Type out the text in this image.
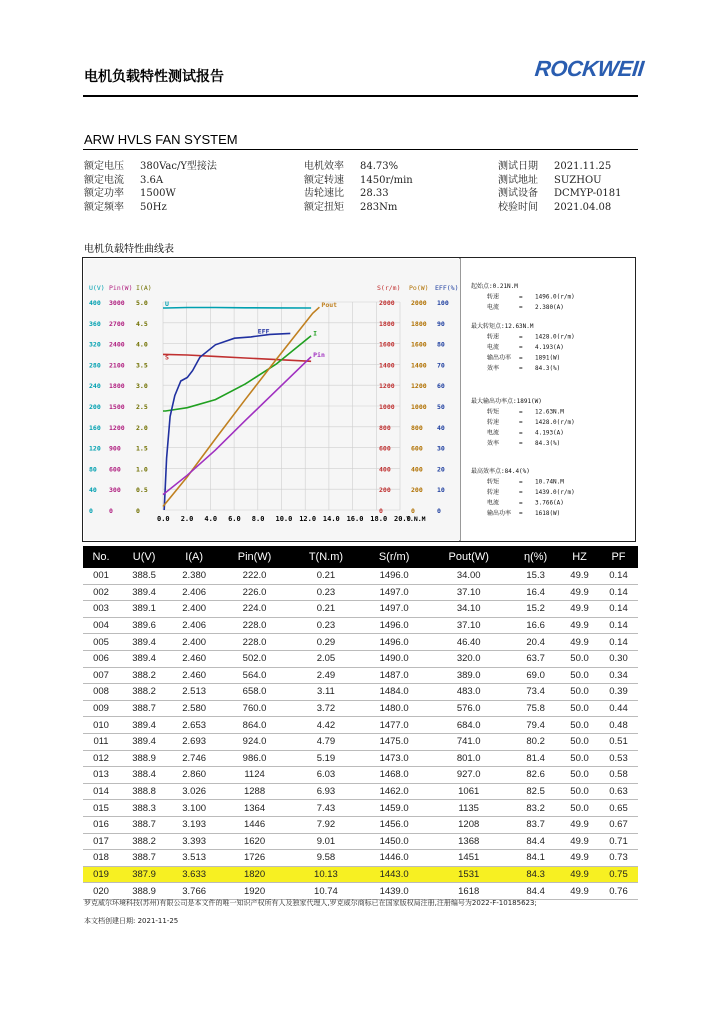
电机负载特性测试报告	ROCKWEII
ARW HVLS FAN SYSTEM
额定电压	380Vac/Y型接法
额定电流	3.6A
额定功率	1500W
额定频率	50Hz
电机效率	84.73%
额定转速	1450r/min
齿轮速比	28.33
额定扭矩	283Nm
测试日期	2021.11.25
测试地址	SUZHOU
测试设备	DCMYP-0181
校验时间	2021.04.08
电机负载特性曲线表
U(V) Pin(W) I(A)
400
360
320
280
240
200
160
120
80
40
0
3000
2700
2400
2100
1800
1500
1200
900
600
300
0
5.0
4.5
4.0
3.5
3.0
2.5
2.0
1.5
1.0
0.5
0
S(r/m) Po(W) EFF(%)
2000
1800
1600
1400
1200
1000
800
600
400
200
0
2000
1800
1600
1400
1200
1000
800
600
400
200
0
100
90
80
70
60
50
40
30
20
10
0
0.0 2.0 4.0 6.0 8.0 10.0 12.0 14.0 16.0 18.0 20.0
T.N.M
U
S
I
EFF
Pout
Pin
起始点:0.21N.M
转速	= 1496.0(r/m)
电流	= 2.380(A)
最大转矩点:12.63N.M
转速	= 1428.0(r/m)
电流	= 4.193(A)
输出功率 = 1891(W)
效率	= 84.3(%)
最大输出功率点:1891(W)
转矩	= 12.63N.M
转速	= 1428.0(r/m)
电流	= 4.193(A)
效率	= 84.3(%)
最高效率点:84.4(%)
转矩	= 10.74N.M
转速	= 1439.0(r/m)
电流	= 3.766(A)
输出功率 = 1618(W)
No.	U(V)	I(A)	Pin(W)	T(N.m)	S(r/m)	Pout(W)	η(%)	HZ	PF
001	388.5	2.380	222.0	0.21	1496.0	34.00	15.3	49.9	0.14
002	389.4	2.406	226.0	0.23	1497.0	37.10	16.4	49.9	0.14
003	389.1	2.400	224.0	0.21	1497.0	34.10	15.2	49.9	0.14
004	389.6	2.406	228.0	0.23	1496.0	37.10	16.6	49.9	0.14
005	389.4	2.400	228.0	0.29	1496.0	46.40	20.4	49.9	0.14
006	389.4	2.460	502.0	2.05	1490.0	320.0	63.7	50.0	0.30
007	388.2	2.460	564.0	2.49	1487.0	389.0	69.0	50.0	0.34
008	388.2	2.513	658.0	3.11	1484.0	483.0	73.4	50.0	0.39
009	388.7	2.580	760.0	3.72	1480.0	576.0	75.8	50.0	0.44
010	389.4	2.653	864.0	4.42	1477.0	684.0	79.4	50.0	0.48
011	389.4	2.693	924.0	4.79	1475.0	741.0	80.2	50.0	0.51
012	388.9	2.746	986.0	5.19	1473.0	801.0	81.4	50.0	0.53
013	388.4	2.860	1124	6.03	1468.0	927.0	82.6	50.0	0.58
014	388.8	3.026	1288	6.93	1462.0	1061	82.5	50.0	0.63
015	388.3	3.100	1364	7.43	1459.0	1135	83.2	50.0	0.65
016	388.7	3.193	1446	7.92	1456.0	1208	83.7	49.9	0.67
017	388.2	3.393	1620	9.01	1450.0	1368	84.4	49.9	0.71
018	388.7	3.513	1726	9.58	1446.0	1451	84.1	49.9	0.73
019	387.9	3.633	1820	10.13	1443.0	1531	84.3	49.9	0.75
020	388.9	3.766	1920	10.74	1439.0	1618	84.4	49.9	0.76
罗克威尔环境科技(苏州)有限公司是本文件的唯一知识产权所有人及独家代理人,罗克威尔商标已在国家版权局注册,注册编号为2022-F-10185623;
本文档创建日期: 2021-11-25
